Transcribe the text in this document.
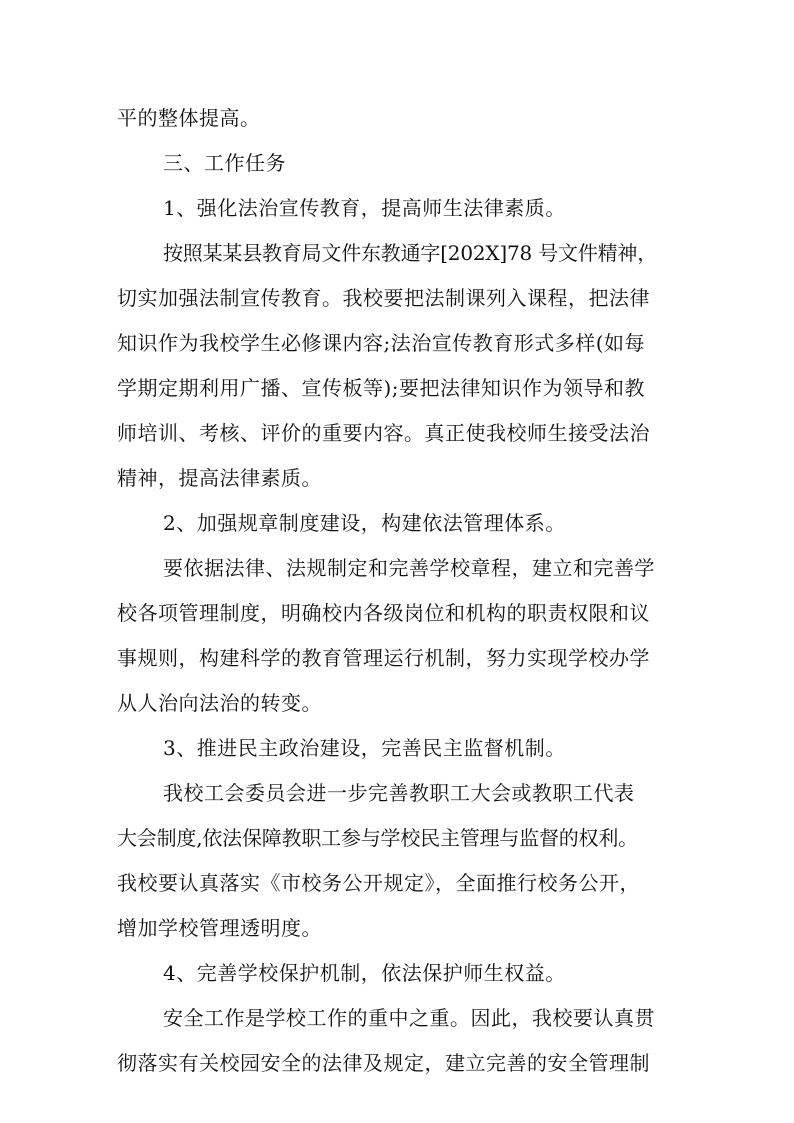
平的整体提高。
三、工作任务
1、强化法治宣传教育，提高师生法律素质。
按照某某县教育局文件东教通字[202X]78 号文件精神，
切实加强法制宣传教育。我校要把法制课列入课程，把法律
知识作为我校学生必修课内容;法治宣传教育形式多样(如每
学期定期利用广播、宣传板等);要把法律知识作为领导和教
师培训、考核、评价的重要内容。真正使我校师生接受法治
精神，提高法律素质。
2、加强规章制度建设，构建依法管理体系。
要依据法律、法规制定和完善学校章程，建立和完善学
校各项管理制度，明确校内各级岗位和机构的职责权限和议
事规则，构建科学的教育管理运行机制，努力实现学校办学
从人治向法治的转变。
3、推进民主政治建设，完善民主监督机制。
我校工会委员会进一步完善教职工大会或教职工代表
大会制度,依法保障教职工参与学校民主管理与监督的权利。
我校要认真落实《市校务公开规定》，全面推行校务公开，
增加学校管理透明度。
4、完善学校保护机制，依法保护师生权益。
安全工作是学校工作的重中之重。因此，我校要认真贯
彻落实有关校园安全的法律及规定，建立完善的安全管理制
